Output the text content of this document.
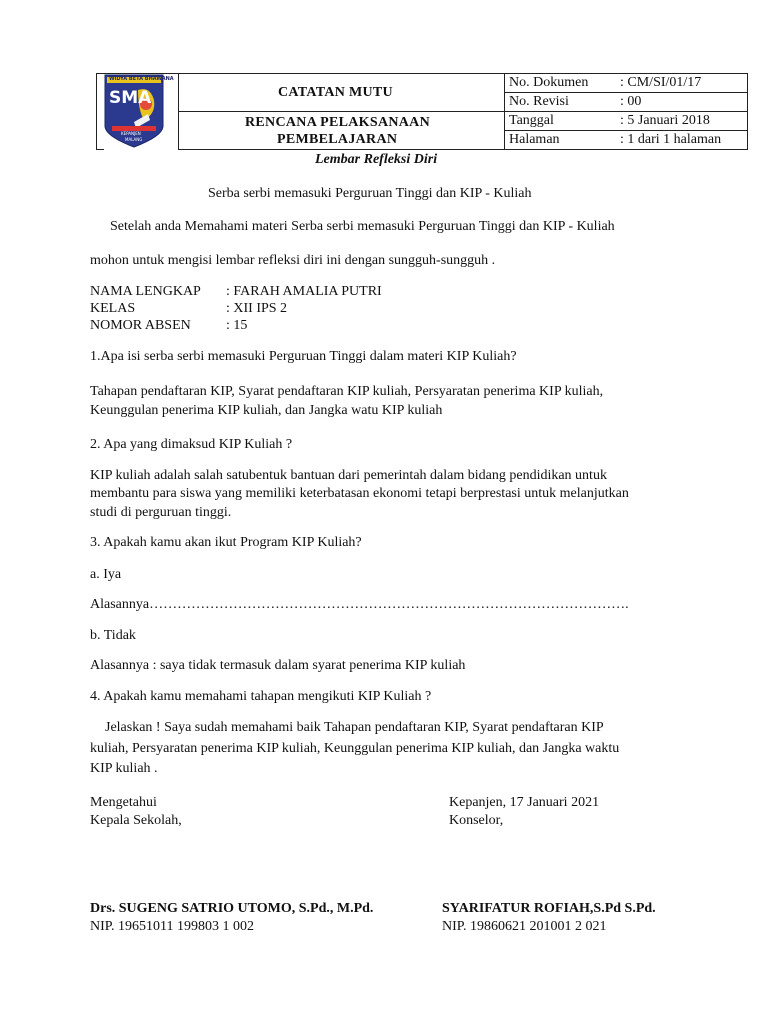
WIDYA BETA BHAWANA
SMA
KEPANJEN
MALANG
CATATAN MUTU
RENCANA PELAKSANAAN
PEMBELAJARAN
No. Dokumen : CM/SI/01/17
No. Revisi	: 00
Tanggal	: 5 Januari 2018
Halaman	: 1 dari 1 halaman
Lembar Refleksi Diri
Serba serbi memasuki Perguruan Tinggi dan KIP - Kuliah
Setelah anda Memahami materi Serba serbi memasuki Perguruan Tinggi dan KIP - Kuliah
mohon untuk mengisi lembar refleksi diri ini dengan sungguh-sungguh .
NAMA LENGKAP : FARAH AMALIA PUTRI
KELAS	: XII IPS 2
NOMOR ABSEN	: 15
1.Apa isi serba serbi memasuki Perguruan Tinggi dalam materi KIP Kuliah?
Tahapan pendaftaran KIP, Syarat pendaftaran KIP kuliah, Persyaratan penerima KIP kuliah,
Keunggulan penerima KIP kuliah, dan Jangka watu KIP kuliah
2. Apa yang dimaksud KIP Kuliah ?
KIP kuliah adalah salah satubentuk bantuan dari pemerintah dalam bidang pendidikan untuk
membantu para siswa yang memiliki keterbatasan ekonomi tetapi berprestasi untuk melanjutkan
studi di perguruan tinggi.
3. Apakah kamu akan ikut Program KIP Kuliah?
a. Iya
Alasannya………………………………………………………………………………………….
b. Tidak
Alasannya : saya tidak termasuk dalam syarat penerima KIP kuliah
4. Apakah kamu memahami tahapan mengikuti KIP Kuliah ?
Jelaskan ! Saya sudah memahami baik Tahapan pendaftaran KIP, Syarat pendaftaran KIP
kuliah, Persyaratan penerima KIP kuliah, Keunggulan penerima KIP kuliah, dan Jangka waktu
KIP kuliah .
Mengetahui
Kepala Sekolah,
Kepanjen, 17 Januari 2021
Konselor,
Drs. SUGENG SATRIO UTOMO, S.Pd., M.Pd.
NIP. 19651011 199803 1 002
SYARIFATUR ROFIAH,S.Pd S.Pd.
NIP. 19860621 201001 2 021
